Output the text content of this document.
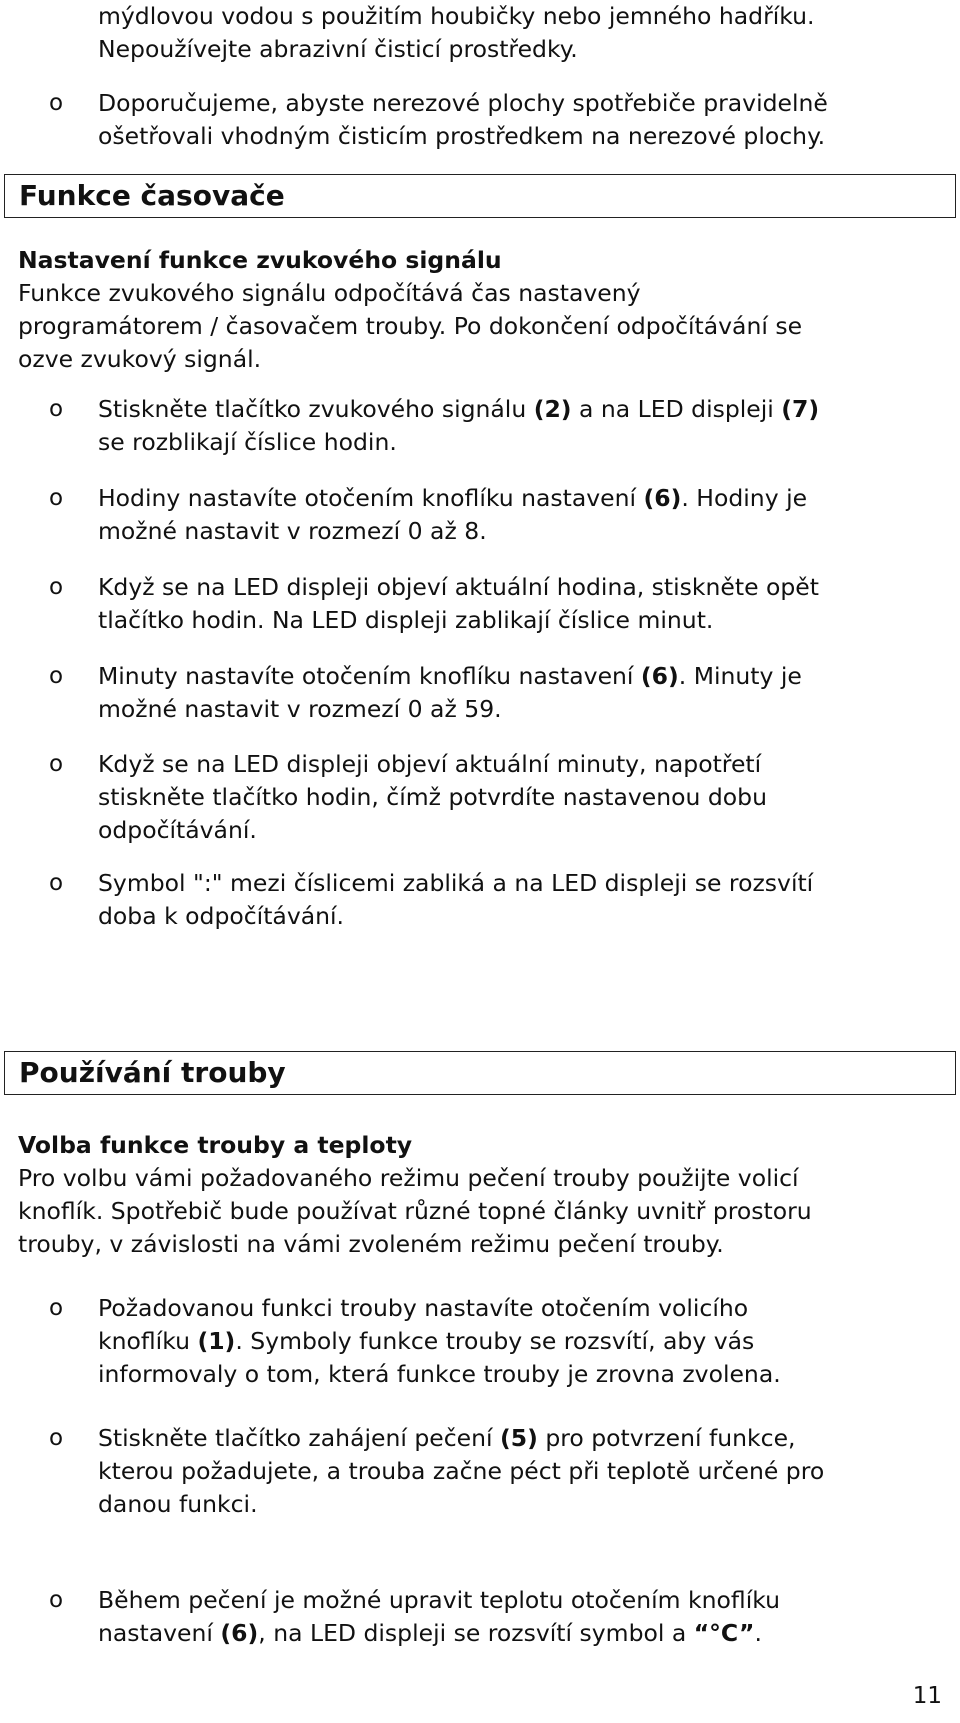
mýdlovou vodou s použitím houbičky nebo jemného hadříku.
Nepoužívejte abrazivní čisticí prostředky.
o Doporučujeme, abyste nerezové plochy spotřebiče pravidelně
ošetřovali vhodným čisticím prostředkem na nerezové plochy.
Funkce časovače
Nastavení funkce zvukového signálu
Funkce zvukového signálu odpočítává čas nastavený
programátorem / časovačem trouby. Po dokončení odpočítávání se
ozve zvukový signál.
o Stiskněte tlačítko zvukového signálu (2) a na LED displeji (7)
se rozblikají číslice hodin.
o Hodiny nastavíte otočením knoflíku nastavení (6). Hodiny je
možné nastavit v rozmezí 0 až 8.
o Když se na LED displeji objeví aktuální hodina, stiskněte opět
tlačítko hodin. Na LED displeji zablikají číslice minut.
o Minuty nastavíte otočením knoflíku nastavení (6). Minuty je
možné nastavit v rozmezí 0 až 59.
o Když se na LED displeji objeví aktuální minuty, napotřetí
stiskněte tlačítko hodin, čímž potvrdíte nastavenou dobu
odpočítávání.
o Symbol ":" mezi číslicemi zabliká a na LED displeji se rozsvítí
doba k odpočítávání.
Používání trouby
Volba funkce trouby a teploty
Pro volbu vámi požadovaného režimu pečení trouby použijte volicí
knoflík. Spotřebič bude používat různé topné články uvnitř prostoru
trouby, v závislosti na vámi zvoleném režimu pečení trouby.
o Požadovanou funkci trouby nastavíte otočením volicího
knoflíku (1). Symboly funkce trouby se rozsvítí, aby vás
informovaly o tom, která funkce trouby je zrovna zvolena.
o Stiskněte tlačítko zahájení pečení (5) pro potvrzení funkce,
kterou požadujete, a trouba začne péct při teplotě určené pro
danou funkci.
o Během pečení je možné upravit teplotu otočením knoflíku
nastavení (6), na LED displeji se rozsvítí symbol a “°C”.
11
